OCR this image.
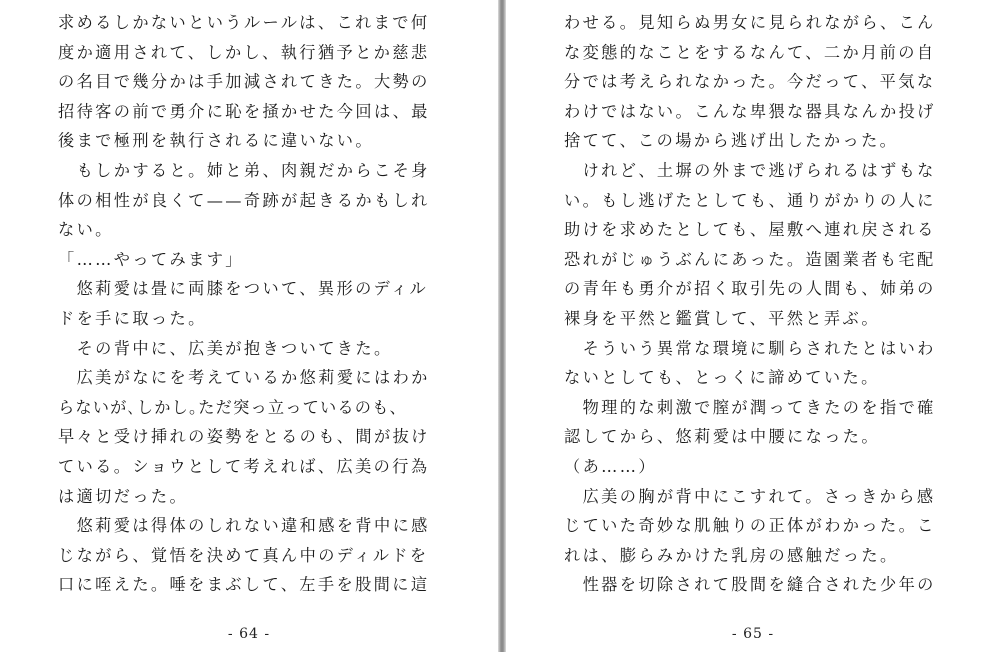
求めるしかないというルールは、これまで何
度か適用されて、しかし、執行猶予とか慈悲
の名目で幾分かは手加減されてきた。大勢の
招待客の前で勇介に恥を掻かせた今回は、最
後まで極刑を執行されるに違いない。
　もしかすると。姉と弟、肉親だからこそ身
体の相性が良くて——奇跡が起きるかもしれ
ない。
「……やってみます」
　悠莉愛は畳に両膝をついて、異形のディル
ドを手に取った。
　その背中に、広美が抱きついてきた。
　広美がなにを考えているか悠莉愛にはわか
らないが､しかし｡ただ突っ立っているのも、
早々と受け挿れの姿勢をとるのも、間が抜け
ている。ショウとして考えれば、広美の行為
は適切だった。
　悠莉愛は得体のしれない違和感を背中に感
じながら、覚悟を決めて真ん中のディルドを
口に咥えた。唾をまぶして、左手を股間に這
- 64 -
わせる。見知らぬ男女に見られながら、こん
な変態的なことをするなんて、二か月前の自
分では考えられなかった。今だって、平気な
わけではない。こんな卑猥な器具なんか投げ
捨てて、この場から逃げ出したかった。
　けれど、土塀の外まで逃げられるはずもな
い。もし逃げたとしても、通りがかりの人に
助けを求めたとしても、屋敷へ連れ戻される
恐れがじゅうぶんにあった。造園業者も宅配
の青年も勇介が招く取引先の人間も、姉弟の
裸身を平然と鑑賞して、平然と弄ぶ。
　そういう異常な環境に馴らされたとはいわ
ないとしても、とっくに諦めていた。
　物理的な刺激で膣が潤ってきたのを指で確
認してから、悠莉愛は中腰になった。
（あ……）
　広美の胸が背中にこすれて。さっきから感
じていた奇妙な肌触りの正体がわかった。こ
れは、膨らみかけた乳房の感触だった。
　性器を切除されて股間を縫合された少年の
- 65 -
